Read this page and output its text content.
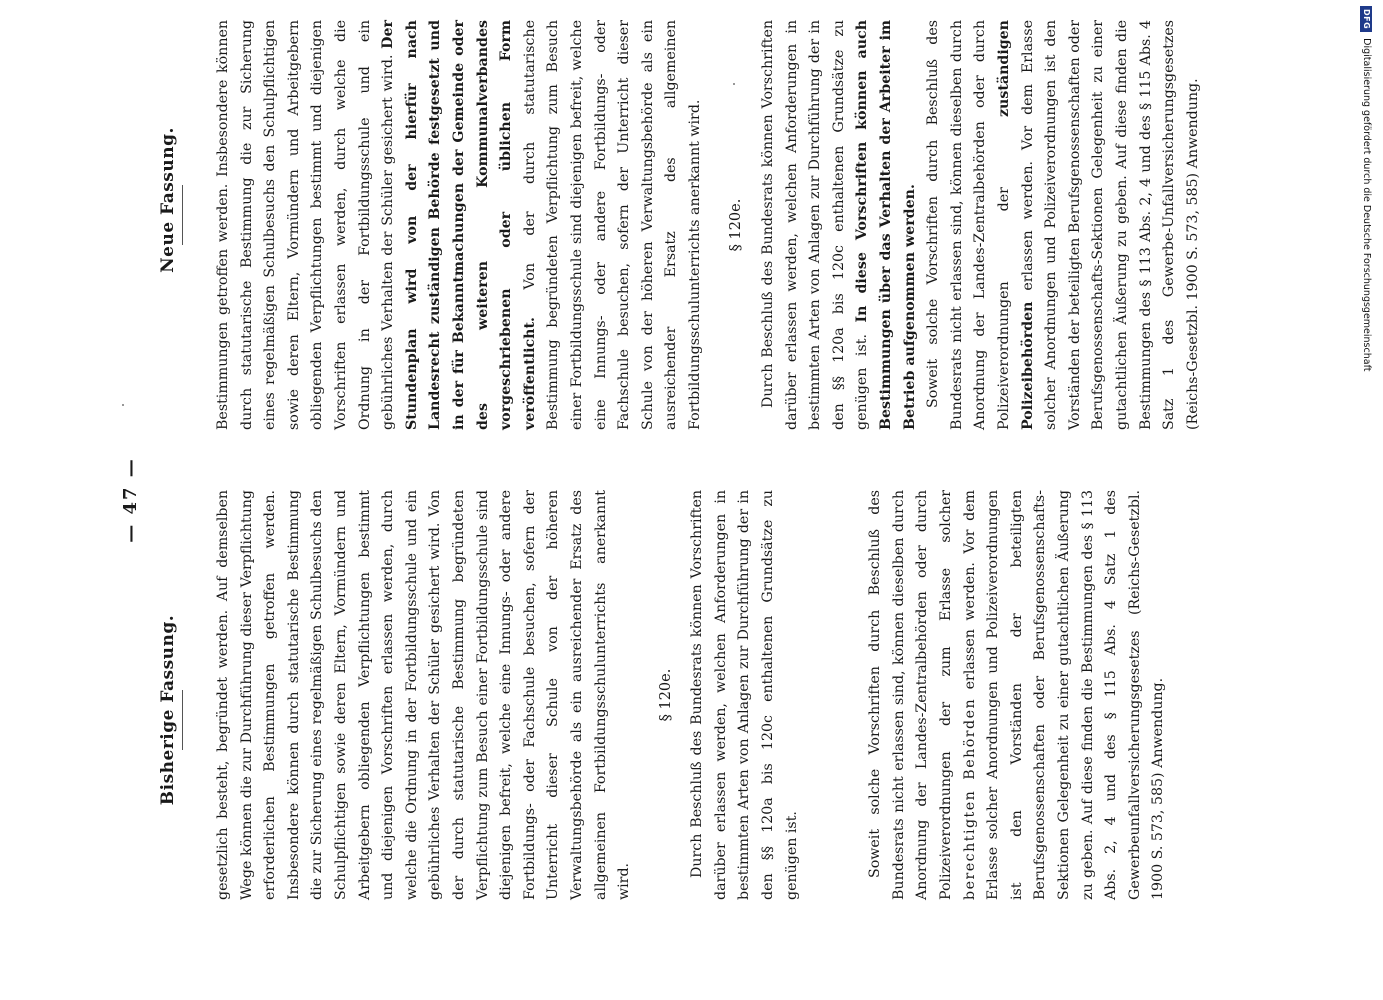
— 47 —
Bisherige Fassung.
Neue Fassung.

gesetzlich besteht, begründet werden. Auf demselben Wege können die zur Durchführung dieser Verpflichtung erforderlichen Bestimmungen getroffen werden. Insbesondere können durch statutarische Bestimmung die zur Sicherung eines regelmäßigen Schulbesuchs den Schulpflichtigen sowie deren Eltern, Vormündern und Arbeitgebern obliegenden Verpflichtungen bestimmt und diejenigen Vorschriften erlassen werden, durch welche die Ordnung in der Fortbildungsschule und ein gebührliches Verhalten der Schüler gesichert wird. Von der durch statutarische Bestimmung begründeten Verpflichtung zum Besuch einer Fortbildungsschule sind diejenigen befreit, welche eine Innungs- oder andere Fortbildungs- oder Fachschule besuchen, sofern der Unterricht dieser Schule von der höheren Verwaltungsbehörde als ein ausreichender Ersatz des allgemeinen Fortbildungsschulunterrichts anerkannt wird.

§ 120e.	Durch Beschluß des Bundesrats können Vorschriften darüber erlassen werden, welchen Anforderungen in bestimmten Arten von Anlagen zur Durchführung der in den §§ 120a bis 120c enthaltenen Grundsätze zu genügen ist.	Soweit solche Vorschriften durch Beschluß des Bundesrats nicht erlassen sind, können dieselben durch Anordnung der Landes-Zentralbehörden oder durch Polizeiverordnungen der zum Erlasse solcher berechtigten Behörden erlassen werden. Vor dem Erlasse solcher Anordnungen und Polizeiverordnungen ist den Vorständen der beteiligten Berufsgenossenschaften oder Berufsgenossenschafts-Sektionen Gelegenheit zu einer gutachtlichen Äußerung zu geben. Auf diese finden die Bestimmungen des § 113 Abs. 2, 4 und des § 115 Abs. 4 Satz 1 des Gewerbeunfallversicherungsgesetzes (Reichs-Gesetzbl. 1900 S. 573, 585) Anwendung.

Bestimmungen getroffen werden. Insbesondere können durch statutarische Bestimmung die zur Sicherung eines regelmäßigen Schulbesuchs den Schulpflichtigen sowie deren Eltern, Vormündern und Arbeitgebern obliegenden Verpflichtungen bestimmt und diejenigen Vorschriften erlassen werden, durch welche die Ordnung in der Fortbildungsschule und ein gebührliches Verhalten der Schüler gesichert wird. Der Stundenplan wird von der hierfür nach Landesrecht zuständigen Behörde festgesetzt und in der für Bekanntmachungen der Gemeinde oder des weiteren Kommunalverbandes vorgeschriebenen oder üblichen Form veröffentlicht. Von der durch statutarische Bestimmung begründeten Verpflichtung zum Besuch einer Fortbildungsschule sind diejenigen befreit, welche eine Innungs- oder andere Fortbildungs- oder Fachschule besuchen, sofern der Unterricht dieser Schule von der höheren Verwaltungsbehörde als ein ausreichender Ersatz des allgemeinen Fortbildungsschulunterrichts anerkannt wird.	§ 120e.	Durch Beschluß des Bundesrats können Vorschriften darüber erlassen werden, welchen Anforderungen in bestimmten Arten von Anlagen zur Durchführung der in den §§ 120a bis 120c enthaltenen Grundsätze zu genügen ist. In diese Vorschriften können auch Bestimmungen über das Verhalten der Arbeiter im Betrieb aufgenommen werden. Soweit solche Vorschriften durch Beschluß des Bundesrats nicht erlassen sind, können dieselben durch Anordnung der Landes-Zentralbehörden oder durch Polizeiverordnungen der zuständigen Polizeibehörden erlassen werden. Vor dem Erlasse solcher Anordnungen und Polizeiverordnungen ist den Vorständen der beteiligten Berufsgenossenschaften oder Berufsgenossenschafts-Sektionen Gelegenheit zu einer gutachtlichen Äußerung zu geben. Auf diese finden die Bestimmungen des § 113 Abs. 2, 4 und des § 115 Abs. 4 Satz 1 des Gewerbe-Unfallversicherungsgesetzes (Reichs-Gesetzbl. 1900 S. 573, 585) Anwendung.

DFG
Digitalisierung gefördert durch die Deutsche Forschungsgemeinschaft
